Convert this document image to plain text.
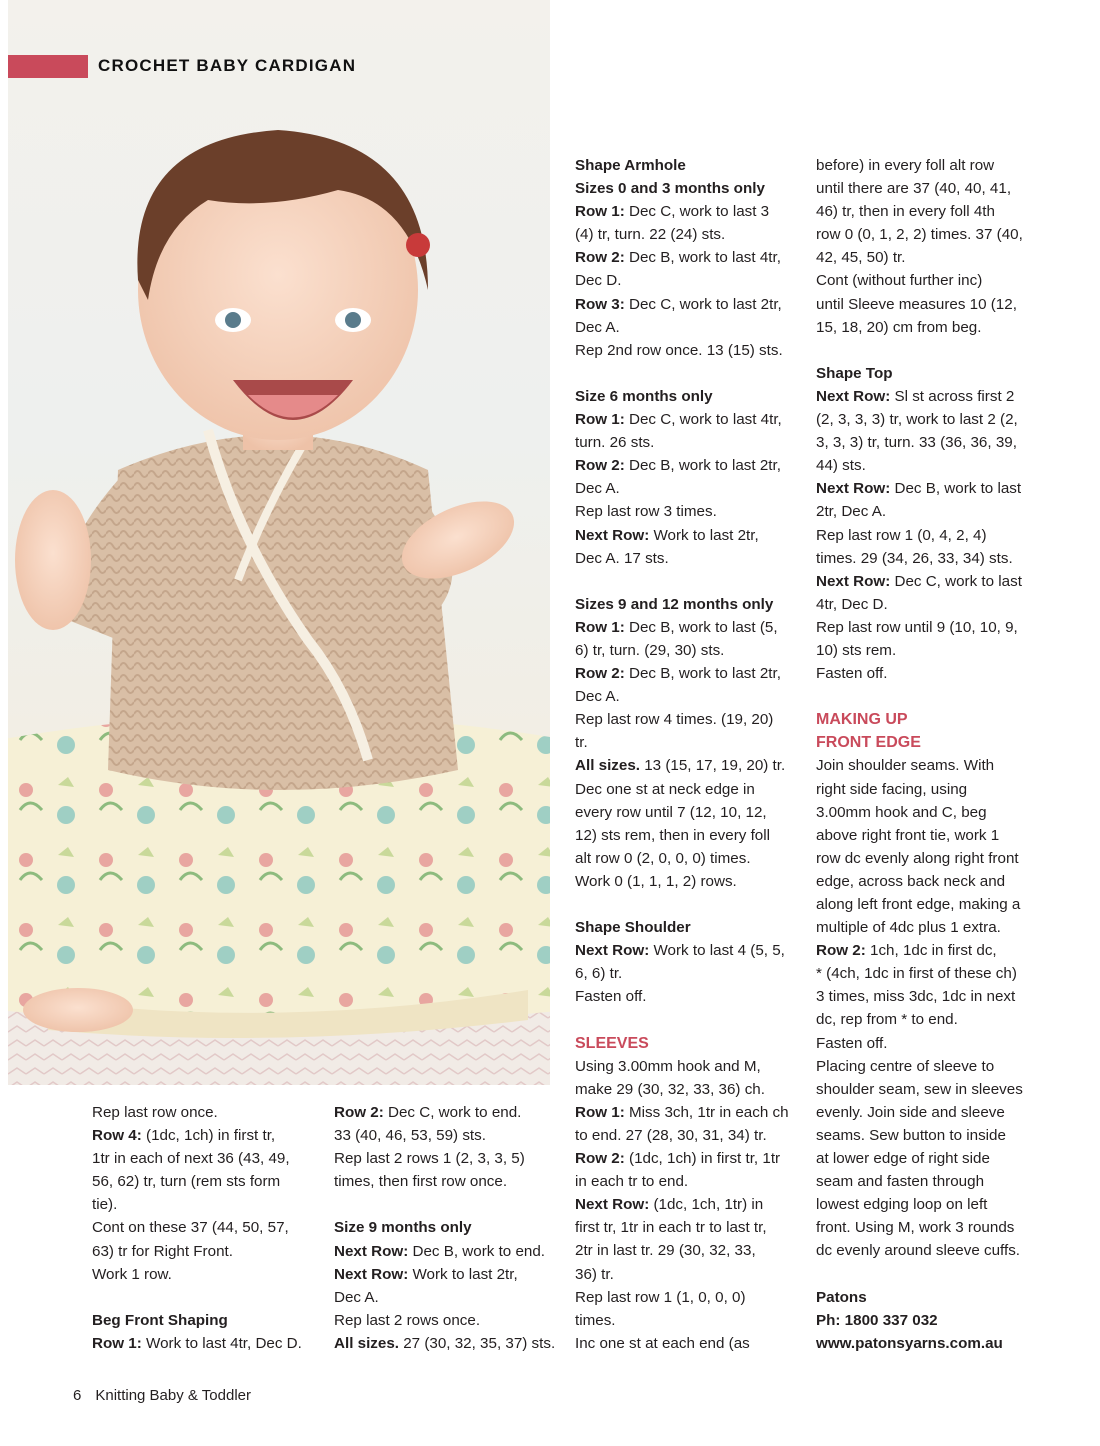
CROCHET BABY CARDIGAN

Rep last row once.

Row 4: (1dc, 1ch) in first tr,

1tr in each of next 36 (43, 49,

56, 62) tr, turn (rem sts form

tie).

Cont on these 37 (44, 50, 57,

63) tr for Right Front.

Work 1 row.

Beg Front Shaping

Row 1: Work to last 4tr, Dec D.

Row 2: Dec C, work to end.

33 (40, 46, 53, 59) sts.

Rep last 2 rows 1 (2, 3, 3, 5)

times, then first row once.

Size 9 months only

Next Row: Dec B, work to end.

Next Row: Work to last 2tr,

Dec A.

Rep last 2 rows once.

All sizes. 27 (30, 32, 35, 37) sts.

Shape Armhole

Sizes 0 and 3 months only

Row 1: Dec C, work to last 3

(4) tr, turn. 22 (24) sts.

Row 2: Dec B, work to last 4tr,

Dec D.

Row 3: Dec C, work to last 2tr,

Dec A.

Rep 2nd row once. 13 (15) sts.

Size 6 months only

Row 1: Dec C, work to last 4tr,

turn. 26 sts.

Row 2: Dec B, work to last 2tr,

Dec A.

Rep last row 3 times.

Next Row: Work to last 2tr,

Dec A. 17 sts.

Sizes 9 and 12 months only

Row 1: Dec B, work to last (5,

6) tr, turn. (29, 30) sts.

Row 2: Dec B, work to last 2tr,

Dec A.

Rep last row 4 times. (19, 20)

tr.

All sizes. 13 (15, 17, 19, 20) tr.

Dec one st at neck edge in

every row until 7 (12, 10, 12,

12) sts rem, then in every foll

alt row 0 (2, 0, 0, 0) times.

Work 0 (1, 1, 1, 2) rows.

Shape Shoulder

Next Row: Work to last 4 (5, 5,

6, 6) tr.

Fasten off.

SLEEVES

Using 3.00mm hook and M,

make 29 (30, 32, 33, 36) ch.

Row 1: Miss 3ch, 1tr in each ch

to end. 27 (28, 30, 31, 34) tr.

Row 2: (1dc, 1ch) in first tr, 1tr

in each tr to end.

Next Row: (1dc, 1ch, 1tr) in

first tr, 1tr in each tr to last tr,

2tr in last tr. 29 (30, 32, 33,

36) tr.

Rep last row 1 (1, 0, 0, 0)

times.

Inc one st at each end (as

before) in every foll alt row

until there are 37 (40, 40, 41,

46) tr, then in every foll 4th

row 0 (0, 1, 2, 2) times. 37 (40,

42, 45, 50) tr.

Cont (without further inc)

until Sleeve measures 10 (12,

15, 18, 20) cm from beg.

Shape Top

Next Row: Sl st across first 2

(2, 3, 3, 3) tr, work to last 2 (2,

3, 3, 3) tr, turn. 33 (36, 36, 39,

44) sts.

Next Row: Dec B, work to last

2tr, Dec A.

Rep last row 1 (0, 4, 2, 4)

times. 29 (34, 26, 33, 34) sts.

Next Row: Dec C, work to last

4tr, Dec D.

Rep last row until 9 (10, 10, 9,

10) sts rem.

Fasten off.

MAKING UP

FRONT EDGE

Join shoulder seams. With

right side facing, using

3.00mm hook and C, beg

above right front tie, work 1

row dc evenly along right front

edge, across back neck and

along left front edge, making a

multiple of 4dc plus 1 extra.

Row 2: 1ch, 1dc in first dc,

* (4ch, 1dc in first of these ch)

3 times, miss 3dc, 1dc in next

dc, rep from * to end.

Fasten off.

Placing centre of sleeve to

shoulder seam, sew in sleeves

evenly. Join side and sleeve

seams. Sew button to inside

at lower edge of right side

seam and fasten through

lowest edging loop on left

front. Using M, work 3 rounds

dc evenly around sleeve cuffs.

Patons

Ph: 1800 337 032

www.patonsyarns.com.au

6 Knitting Baby & Toddler
